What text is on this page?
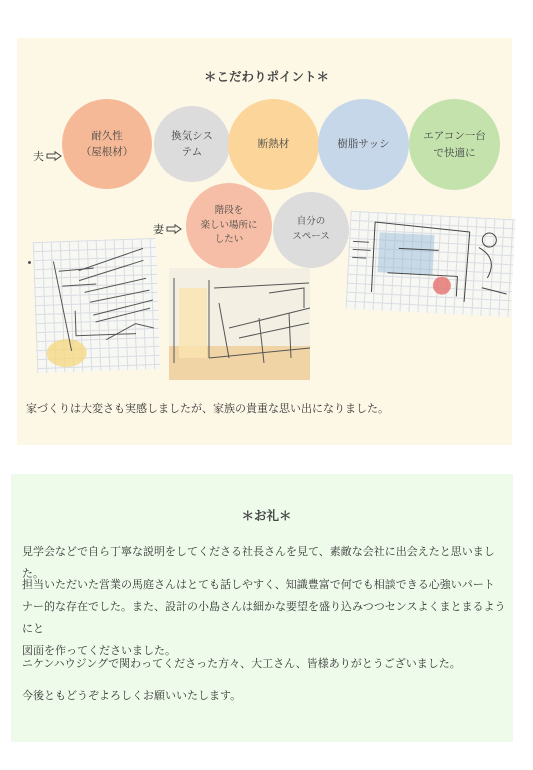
＊こだわりポイント＊
夫
耐久性
（屋根材）
換気シス
テム
断熱材	樹脂サッシ
エアコン一台
で快適に
妻
階段を
楽しい場所に
したい
自分の
スペース
家づくりは大変さも実感しましたが、家族の貴重な思い出になりました。
＊お礼＊
見学会などで自ら丁寧な説明をしてくださる社長さんを見て、素敵な会社に出会えたと思いました。
担当いただいた営業の馬庭さんはとても話しやすく、知識豊富で何でも相談できる心強いパート
ナー的な存在でした。また、設計の小島さんは細かな要望を盛り込みつつセンスよくまとまるようにと
図面を作ってくださいました。
ニケンハウジングで関わってくださった方々、大工さん、皆様ありがとうございました。
今後ともどうぞよろしくお願いいたします。
